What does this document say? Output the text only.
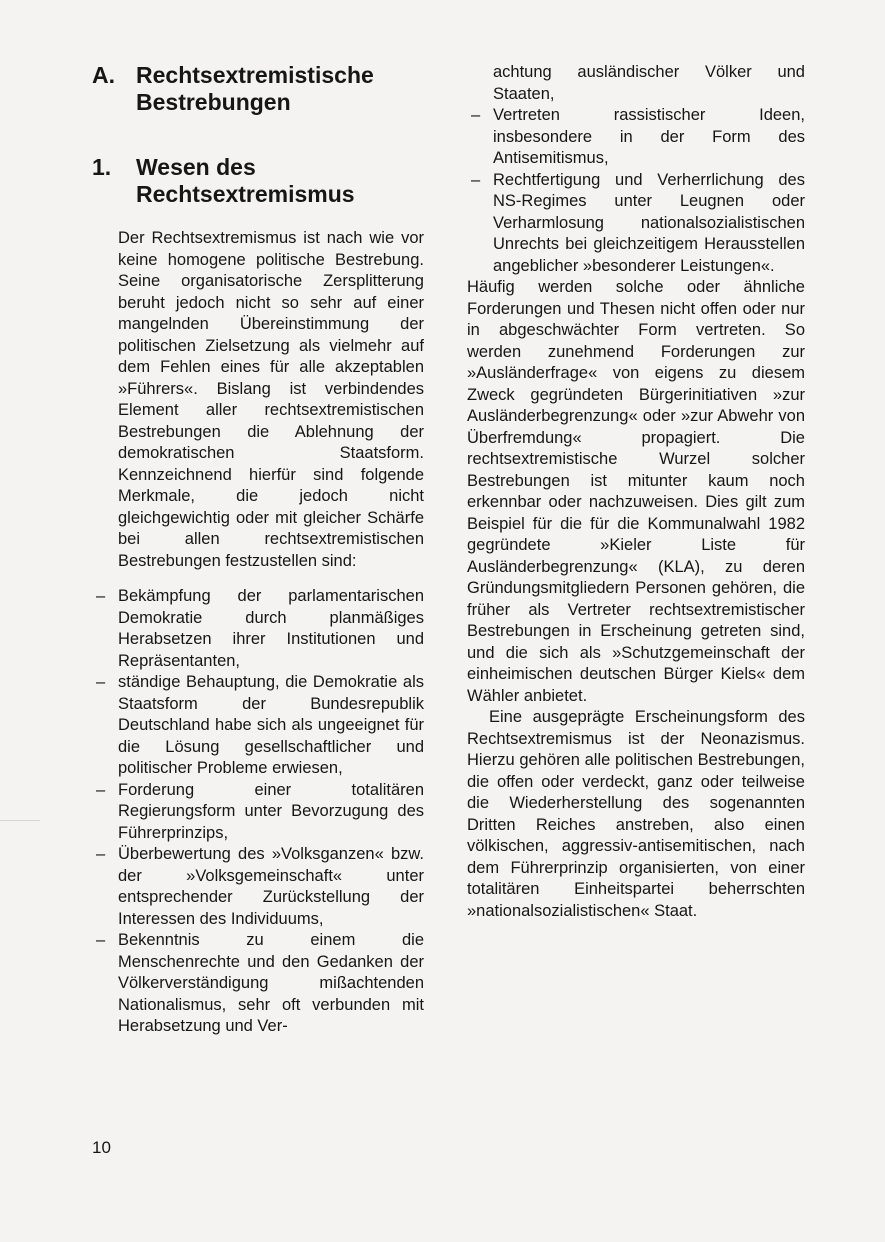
A. Rechtsextremistische Bestrebungen
1.	Wesen des Rechtsextremismus

Der Rechtsextremismus ist nach wie vor keine homogene politische Bestrebung. Seine organisatorische Zersplitterung beruht jedoch nicht so sehr auf einer mangelnden Übereinstimmung der politischen Zielsetzung als vielmehr auf dem Fehlen eines für alle akzeptablen »Führers«. Bislang ist verbindendes Element aller rechtsextremistischen Bestrebungen die Ablehnung der demokratischen Staatsform. Kennzeichnend hierfür sind folgende Merkmale, die jedoch nicht gleichgewichtig oder mit gleicher Schärfe bei allen rechtsextremistischen Bestrebungen festzustellen sind:

– Bekämpfung der parlamentarischen Demokratie durch planmäßiges Herabsetzen ihrer Institutionen und Repräsentanten,
– ständige Behauptung, die Demokratie als Staatsform der Bundesrepublik Deutschland habe sich als ungeeignet für die Lösung gesellschaftlicher und politischer Probleme erwiesen,
– Forderung einer totalitären Regierungsform unter Bevorzugung des Führerprinzips,
– Überbewertung des »Volksganzen« bzw. der »Volksgemeinschaft« unter entsprechender Zurückstellung der Interessen des Individuums,
– Bekenntnis zu einem die Menschenrechte und den Gedanken der Völkerverständigung mißachtenden Nationalismus, sehr oft verbunden mit Herabsetzung und Ver-

achtung ausländischer Völker und Staaten,

– Vertreten rassistischer Ideen, insbesondere in der Form des Antisemitismus,
– Rechtfertigung und Verherrlichung des NS-Regimes unter Leugnen oder Verharmlosung nationalsozialistischen Unrechts bei gleichzeitigem Herausstellen angeblicher »besonderer Leistungen«.

Häufig werden solche oder ähnliche Forderungen und Thesen nicht offen oder nur in abgeschwächter Form vertreten. So werden zunehmend Forderungen zur »Ausländerfrage« von eigens zu diesem Zweck gegründeten Bürgerinitiativen »zur Ausländerbegrenzung« oder »zur Abwehr von Überfremdung« propagiert. Die rechtsextremistische Wurzel solcher Bestrebungen ist mitunter kaum noch erkennbar oder nachzuweisen. Dies gilt zum Beispiel für die für die Kommunalwahl 1982 gegründete »Kieler Liste für Ausländerbegrenzung« (KLA), zu deren Gründungsmitgliedern Personen gehören, die früher als Vertreter rechtsextremistischer Bestrebungen in Erscheinung getreten sind, und die sich als »Schutzgemeinschaft der einheimischen deutschen Bürger Kiels« dem Wähler anbietet.

Eine ausgeprägte Erscheinungsform des Rechtsextremismus ist der Neonazismus. Hierzu gehören alle politischen Bestrebungen, die offen oder verdeckt, ganz oder teilweise die Wiederherstellung des sogenannten Dritten Reiches anstreben, also einen völkischen, aggressiv-antisemitischen, nach dem Führerprinzip organisierten, von einer totalitären Einheitspartei beherrschten »nationalsozialistischen« Staat.

10
